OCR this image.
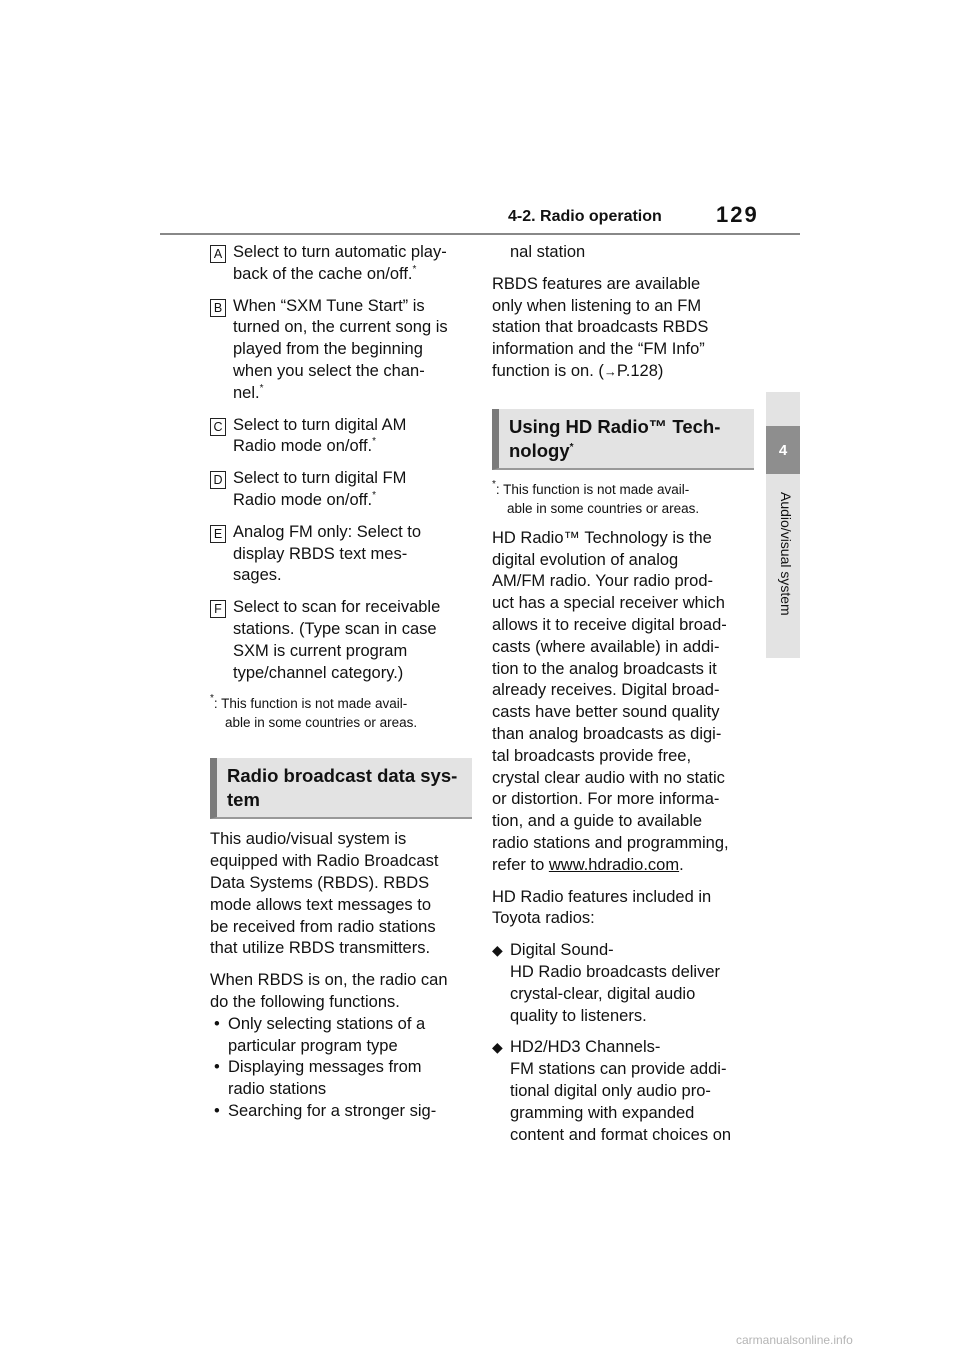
4-2. Radio operation 129
4
Audio/visual system
A Select to turn automatic play-
back of the cache on/off.*
B When “SXM Tune Start” is
turned on, the current song is
played from the beginning
when you select the chan-
nel.*
C Select to turn digital AM
Radio mode on/off.*
D Select to turn digital FM
Radio mode on/off.*
E Analog FM only: Select to
display RBDS text mes-
sages.
F Select to scan for receivable
stations. (Type scan in case
SXM is current program
type/channel category.)
*: This function is not made avail-
able in some countries or areas.
Radio broadcast data sys-
tem

This audio/visual system is
equipped with Radio Broadcast
Data Systems (RBDS). RBDS
mode allows text messages to
be received from radio stations
that utilize RBDS transmitters.

When RBDS is on, the radio can
do the following functions.
• Only selecting stations of a
particular program type
• Displaying messages from
radio stations
• Searching for a stronger sig-
nal station

RBDS features are available
only when listening to an FM
station that broadcasts RBDS
information and the “FM Info”
function is on. (→P.128)

Using HD Radio™ Tech-
nology*
*: This function is not made avail-
able in some countries or areas.

HD Radio™ Technology is the
digital evolution of analog
AM/FM radio. Your radio prod-
uct has a special receiver which
allows it to receive digital broad-
casts (where available) in addi-
tion to the analog broadcasts it
already receives. Digital broad-
casts have better sound quality
than analog broadcasts as digi-
tal broadcasts provide free,
crystal clear audio with no static
or distortion. For more informa-
tion, and a guide to available
radio stations and programming,
refer to www.hdradio.com.

HD Radio features included in
Toyota radios:

◆ Digital Sound-
HD Radio broadcasts deliver
crystal-clear, digital audio
quality to listeners.
◆ HD2/HD3 Channels-
FM stations can provide addi-
tional digital only audio pro-
gramming with expanded
content and format choices on
carmanualsonline.info
